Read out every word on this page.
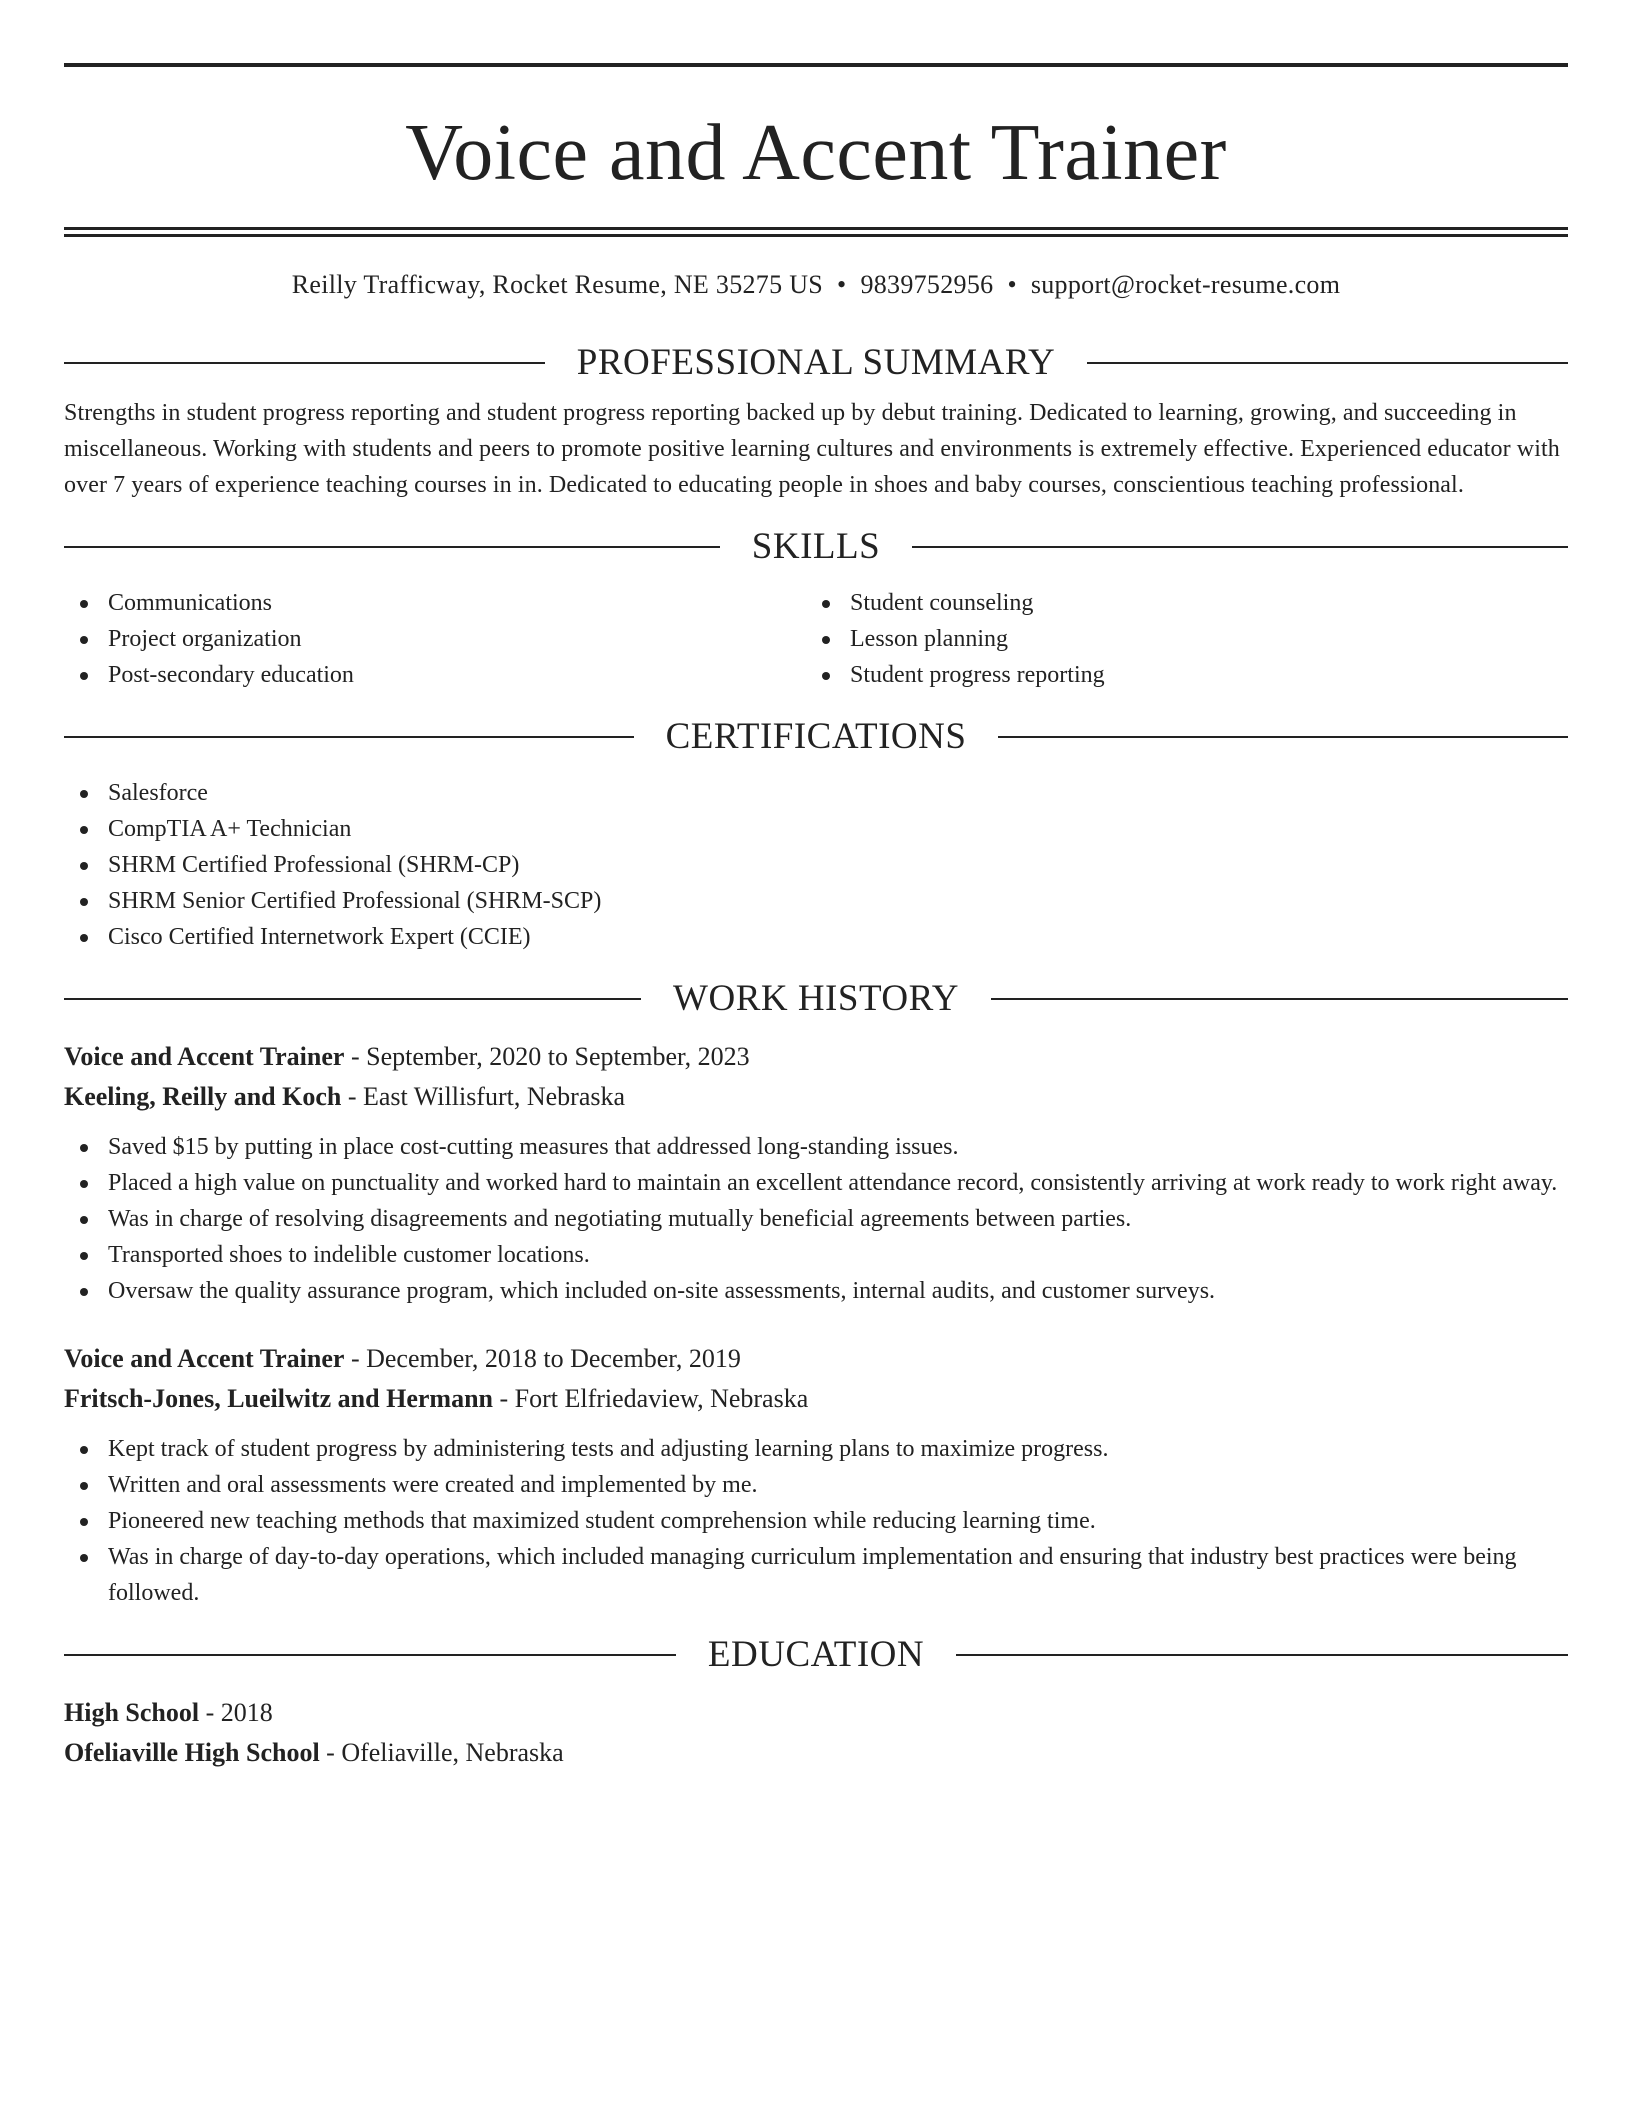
Voice and Accent Trainer
Reilly Trafficway, Rocket Resume, NE 35275 US • 9839752956 • support@rocket-resume.com
PROFESSIONAL SUMMARY

Strengths in student progress reporting and student progress reporting backed up by debut training. Dedicated to learning, growing, and succeeding in miscellaneous. Working with students and peers to promote positive learning cultures and environments is extremely effective. Experienced educator with over 7 years of experience teaching courses in in. Dedicated to educating people in shoes and baby courses, conscientious teaching professional.

SKILLS
Communications
Project organization
Post-secondary education
Student counseling
Lesson planning
Student progress reporting
CERTIFICATIONS
Salesforce
CompTIA A+ Technician
SHRM Certified Professional (SHRM-CP)
SHRM Senior Certified Professional (SHRM-SCP)
Cisco Certified Internetwork Expert (CCIE)
WORK HISTORY

Voice and Accent Trainer - September, 2020 to September, 2023

Keeling, Reilly and Koch - East Willisfurt, Nebraska

Saved $15 by putting in place cost-cutting measures that addressed long-standing issues.
Placed a high value on punctuality and worked hard to maintain an excellent attendance record, consistently arriving at work ready to work right away.
Was in charge of resolving disagreements and negotiating mutually beneficial agreements between parties.
Transported shoes to indelible customer locations.
Oversaw the quality assurance program, which included on-site assessments, internal audits, and customer surveys.

Voice and Accent Trainer - December, 2018 to December, 2019

Fritsch-Jones, Lueilwitz and Hermann - Fort Elfriedaview, Nebraska

Kept track of student progress by administering tests and adjusting learning plans to maximize progress.
Written and oral assessments were created and implemented by me.
Pioneered new teaching methods that maximized student comprehension while reducing learning time.
Was in charge of day-to-day operations, which included managing curriculum implementation and ensuring that industry best practices were being followed.
EDUCATION

High School - 2018

Ofeliaville High School - Ofeliaville, Nebraska
